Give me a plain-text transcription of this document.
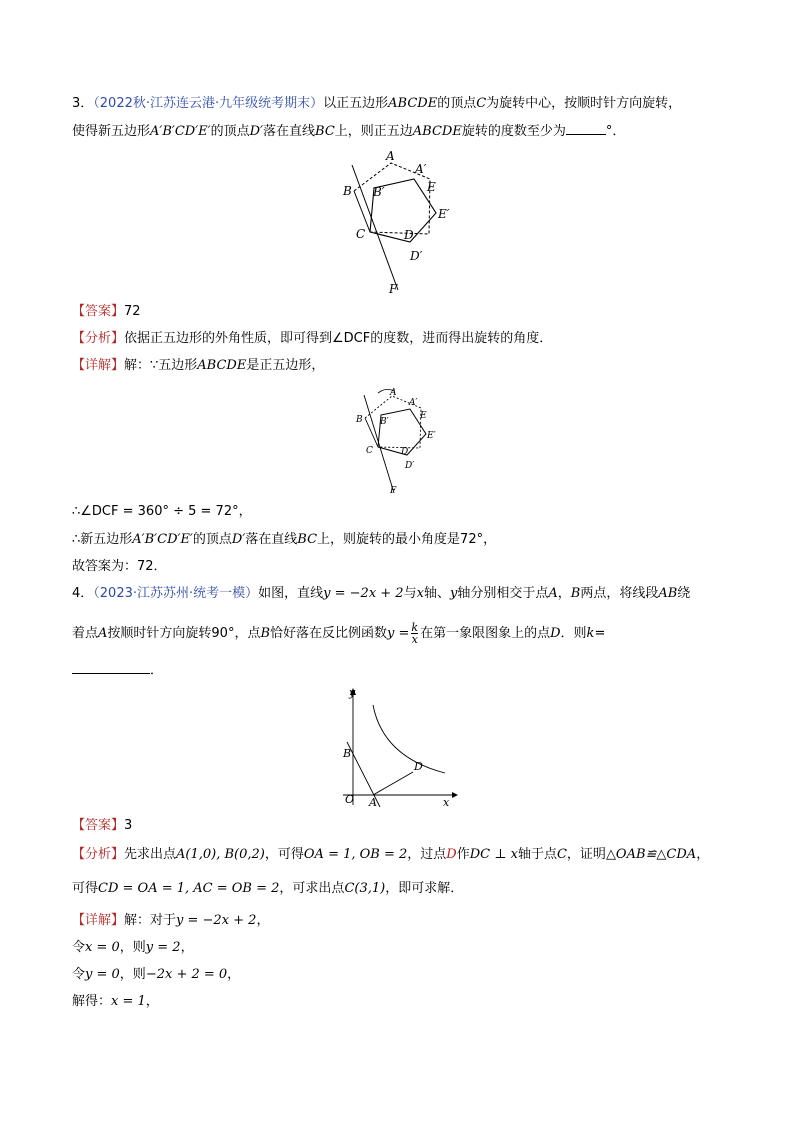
3．（2022秋·江苏连云港·九年级统考期末）以正五边形ABCDE的顶点C为旋转中心，按顺时针方向旋转，
使得新五边形A′B′CD′E′的顶点D′落在直线BC上，则正五边ABCDE旋转的度数至少为	°．
A
A′
B B′	E
E′
C	D
D′
F
【答案】72
【分析】依据正五边形的外角性质，即可得到∠DCF的度数，进而得出旋转的角度．
【详解】解：∵五边形ABCDE是正五边形，
A
A′
B B′
E
E′
C	D
D′
F
∴∠DCF = 360° ÷ 5 = 72°，
∴新五边形A′B′CD′E′的顶点D′落在直线BC上，则旋转的最小角度是72°，
故答案为：72．
4．（2023·江苏苏州·统考一模）如图，直线y = −2x + 2与x轴、y轴分别相交于点A，B两点，将线段AB绕
着点A按顺时针方向旋转90°，点B恰好落在反比例函数$y = \frac{k}{x}$ 在第一象限图象上的点D．则k=
．
y
x
B
O A
D
【答案】3
【分析】先求出点A(1,0), B(0,2)，可得OA = 1, OB = 2，过点D作DC ⊥ x轴于点C，证明△OAB≌△CDA，
可得CD = OA = 1, AC = OB = 2，可求出点C(3,1)，即可求解．
【详解】解：对于y = −2x + 2，
令x = 0，则y = 2，
令y = 0，则−2x + 2 = 0，
解得：x = 1，
